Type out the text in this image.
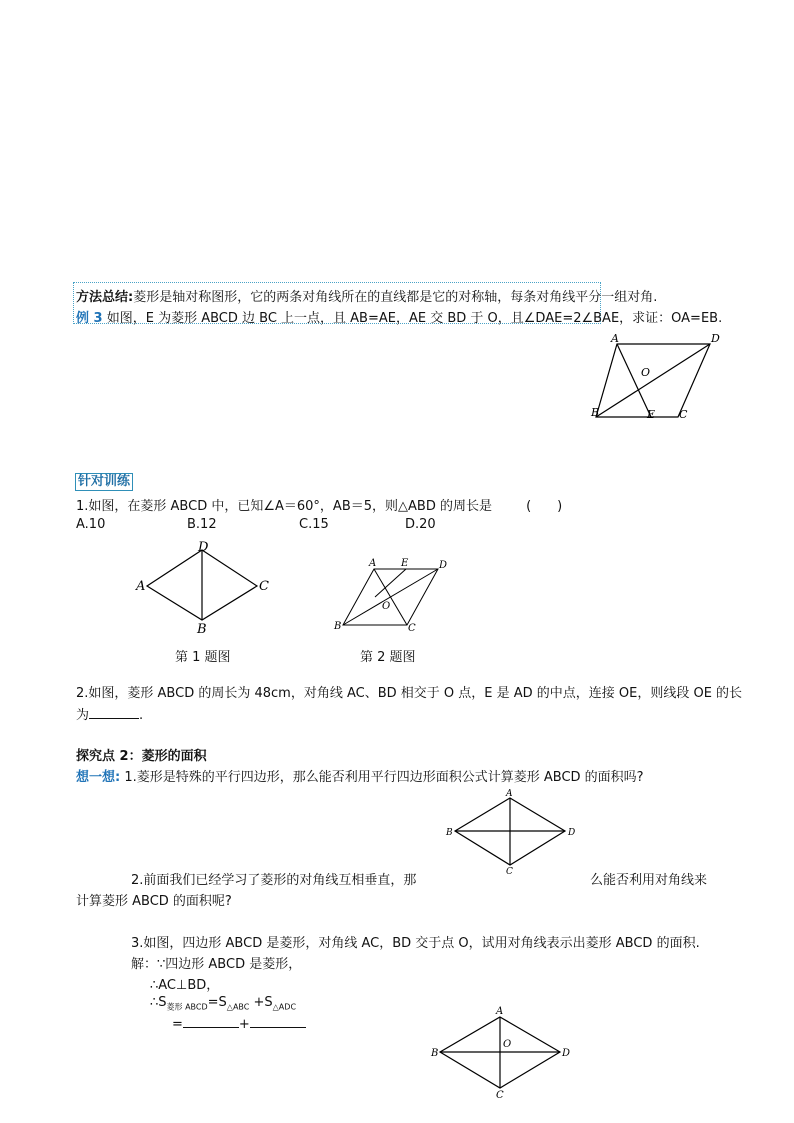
方法总结:菱形是轴对称图形，它的两条对角线所在的直线都是它的对称轴，每条对角线平分一组对角.
例 3 如图，E 为菱形 ABCD 边 BC 上一点，且 AB=AE，AE 交 BD 于 O，且∠DAE=2∠BAE，求证：OA=EB.
A	D
O
B	E C
针对训练
1.如图，在菱形 ABCD 中，已知∠A＝60°，AB＝5，则△ABD 的周长是	(　　)
A.10	B.12	C.15	D.20
D
A	C
B
第 1 题图
A E	D
O
B	C
第 2 题图
2.如图，菱形 ABCD 的周长为 48cm，对角线 AC、BD 相交于 O 点，E 是 AD 的中点，连接 OE，则线段 OE 的长
为	.
探究点 2：菱形的面积
想一想: 1.菱形是特殊的平行四边形，那么能否利用平行四边形面积公式计算菱形 ABCD 的面积吗?
A
B	D
C
2.前面我们已经学习了菱形的对角线互相垂直，那	么能否利用对角线来
计算菱形 ABCD 的面积呢?
3.如图，四边形 ABCD 是菱形，对角线 AC，BD 交于点 O，试用对角线表示出菱形 ABCD 的面积.
解：∵四边形 ABCD 是菱形，
∴AC⊥BD，
$\therefore S_{菱形 ABCD}=S_{\triangle ABC} +S_{\triangle ADC}$
=	+
A
O
B	D
C
